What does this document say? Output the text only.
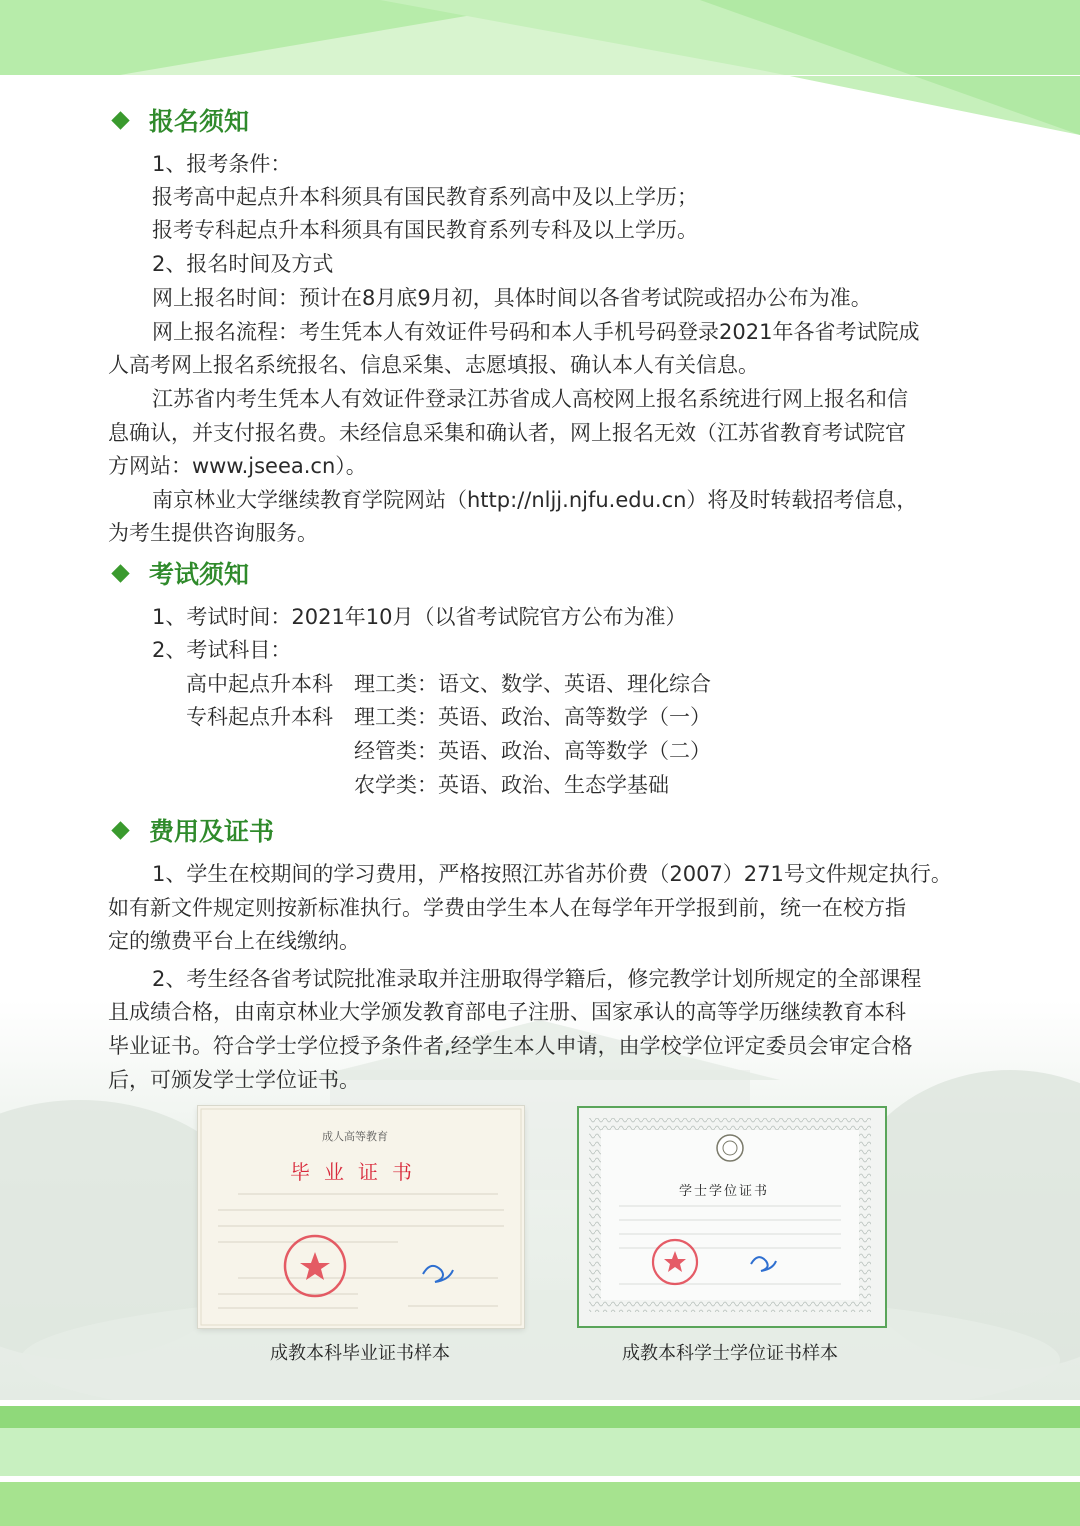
报名须知
1、报考条件：
报考高中起点升本科须具有国民教育系列高中及以上学历；
报考专科起点升本科须具有国民教育系列专科及以上学历。
2、报名时间及方式
网上报名时间：预计在8月底9月初，具体时间以各省考试院或招办公布为准。
网上报名流程：考生凭本人有效证件号码和本人手机号码登录2021年各省考试院成
人高考网上报名系统报名、信息采集、志愿填报、确认本人有关信息。
江苏省内考生凭本人有效证件登录江苏省成人高校网上报名系统进行网上报名和信
息确认，并支付报名费。未经信息采集和确认者，网上报名无效（江苏省教育考试院官
方网站：www.jseea.cn）。
南京林业大学继续教育学院网站（http://nljj.njfu.edu.cn）将及时转载招考信息，
为考生提供咨询服务。
考试须知
1、考试时间：2021年10月（以省考试院官方公布为准）
2、考试科目：
高中起点升本科 理工类：语文、数学、英语、理化综合
专科起点升本科 理工类：英语、政治、高等数学（一）
经管类：英语、政治、高等数学（二）
农学类：英语、政治、生态学基础
费用及证书
1、学生在校期间的学习费用，严格按照江苏省苏价费（2007）271号文件规定执行。
如有新文件规定则按新标准执行。学费由学生本人在每学年开学报到前，统一在校方指
定的缴费平台上在线缴纳。
2、考生经各省考试院批准录取并注册取得学籍后，修完教学计划所规定的全部课程
且成绩合格，由南京林业大学颁发教育部电子注册、国家承认的高等学历继续教育本科
毕业证书。符合学士学位授予条件者,经学生本人申请，由学校学位评定委员会审定合格
后，可颁发学士学位证书。
成人高等教育
毕业证书
成教本科毕业证书样本
学士学位证书
成教本科学士学位证书样本
